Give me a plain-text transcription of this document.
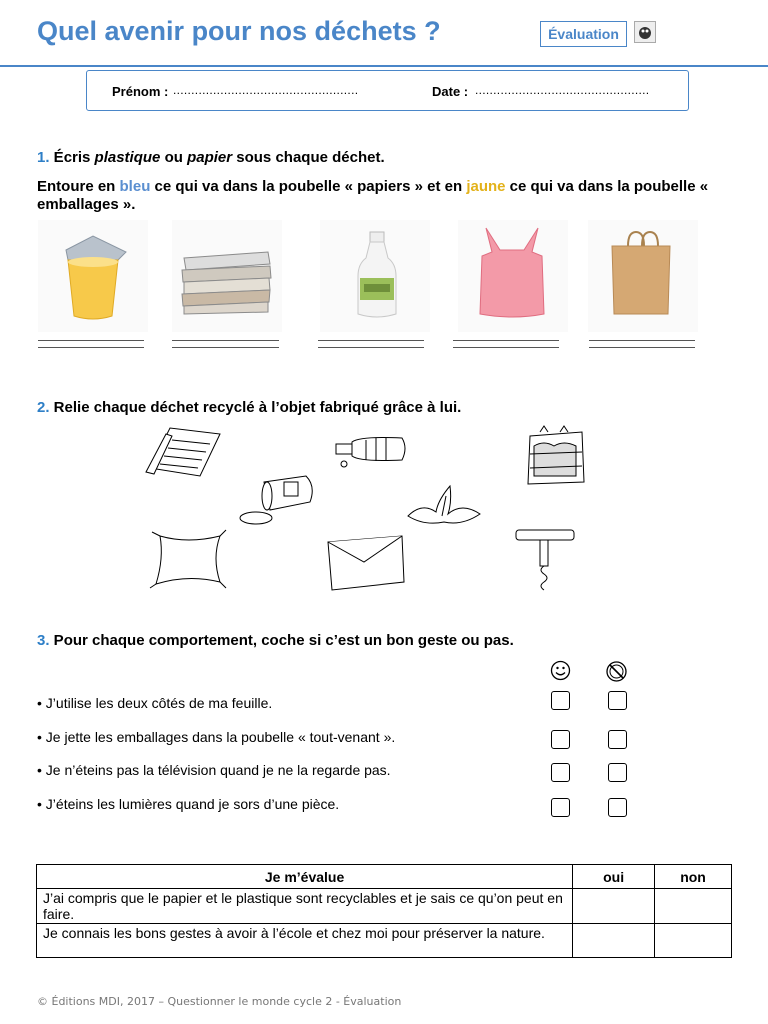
Quel avenir pour nos déchets ?	Évaluation
Prénom : ...................................................	Date : ................................................
1. Écris plastique ou papier sous chaque déchet.
Entoure en bleu ce qui va dans la poubelle « papiers » et en jaune ce qui va dans la poubelle « emballages ».
2. Relie chaque déchet recyclé à l’objet fabriqué grâce à lui.
3. Pour chaque comportement, coche si c’est un bon geste ou pas.
• J’utilise les deux côtés de ma feuille.
• Je jette les emballages dans la poubelle « tout-venant ».
• Je n’éteins pas la télévision quand je ne la regarde pas.
• J’éteins les lumières quand je sors d’une pièce.
Je m’évalue	oui	non
J’ai compris que le papier et le plastique sont recyclables et je sais ce qu’on peut en faire.		
Je connais les bons gestes à avoir à l’école et chez moi pour préserver la nature.		
© Éditions MDI, 2017 – Questionner le monde cycle 2 - Évaluation
